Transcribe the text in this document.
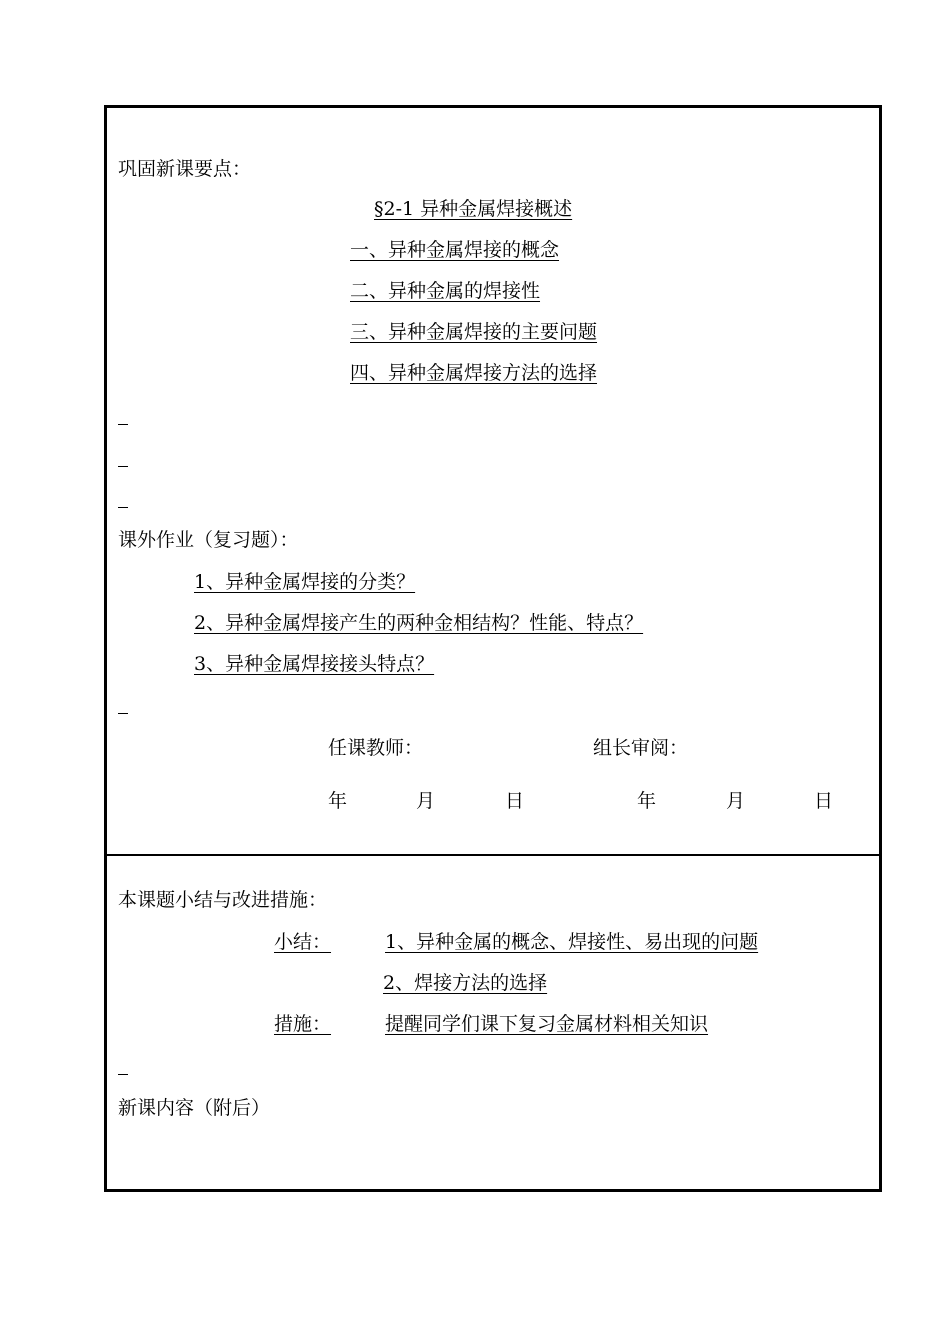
巩固新课要点：
§2-1 异种金属焊接概述
一、异种金属焊接的概念
二、异种金属的焊接性
三、异种金属焊接的主要问题
四、异种金属焊接方法的选择
课外作业（复习题）：
1、异种金属焊接的分类？
2、异种金属焊接产生的两种金相结构？性能、特点？
3、异种金属焊接接头特点？
任课教师：	组长审阅：
年	月	日	年	月	日
本课题小结与改进措施：
小结：	1、异种金属的概念、焊接性、易出现的问题
2、焊接方法的选择
措施：	提醒同学们课下复习金属材料相关知识
新课内容（附后）
